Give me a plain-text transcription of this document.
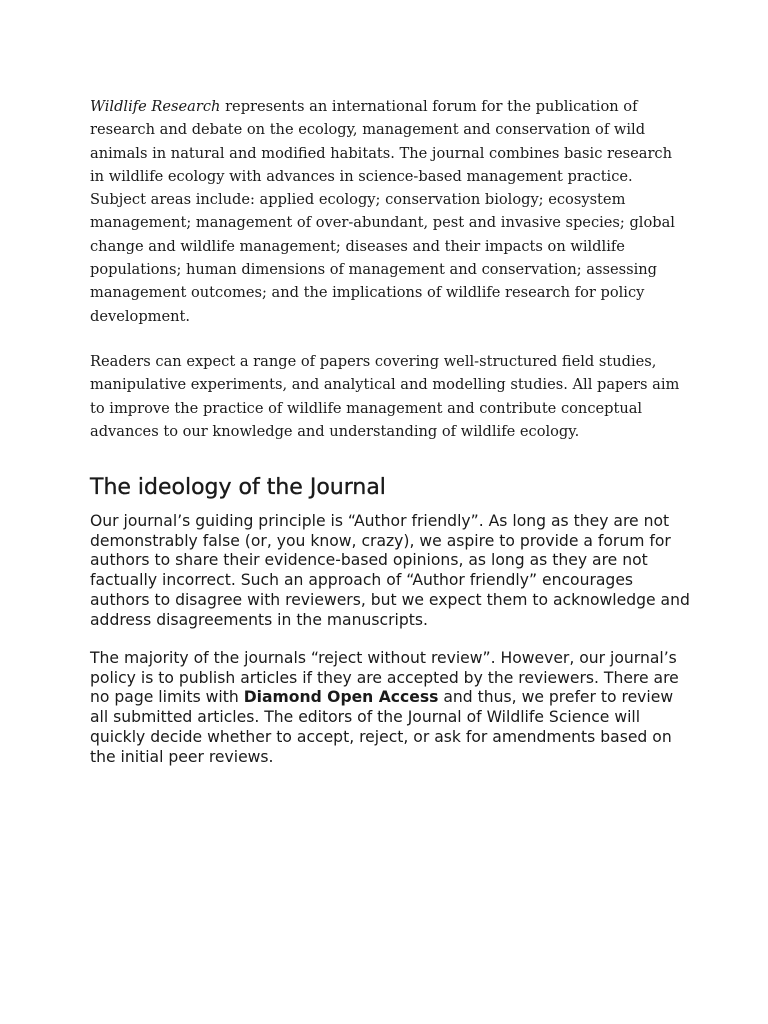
Wildlife Research represents an international forum for the publication of research and debate on the ecology, management and conservation of wild animals in natural and modified habitats. The journal combines basic research in wildlife ecology with advances in science-based management practice. Subject areas include: applied ecology; conservation biology; ecosystem management; management of over-abundant, pest and invasive species; global change and wildlife management; diseases and their impacts on wildlife populations; human dimensions of management and conservation; assessing management outcomes; and the implications of wildlife research for policy development.

Readers can expect a range of papers covering well-structured field studies, manipulative experiments, and analytical and modelling studies. All papers aim to improve the practice of wildlife management and contribute conceptual advances to our knowledge and understanding of wildlife ecology.

The ideology of the Journal

Our journal’s guiding principle is “Author friendly”. As long as they are not demonstrably false (or, you know, crazy), we aspire to provide a forum for authors to share their evidence-based opinions, as long as they are not factually incorrect. Such an approach of “Author friendly” encourages authors to disagree with reviewers, but we expect them to acknowledge and address disagreements in the manuscripts.

The majority of the journals “reject without review”. However, our journal’s policy is to publish articles if they are accepted by the reviewers. There are no page limits with Diamond Open Access and thus, we prefer to review all submitted articles. The editors of the Journal of Wildlife Science will quickly decide whether to accept, reject, or ask for amendments based on the initial peer reviews.
